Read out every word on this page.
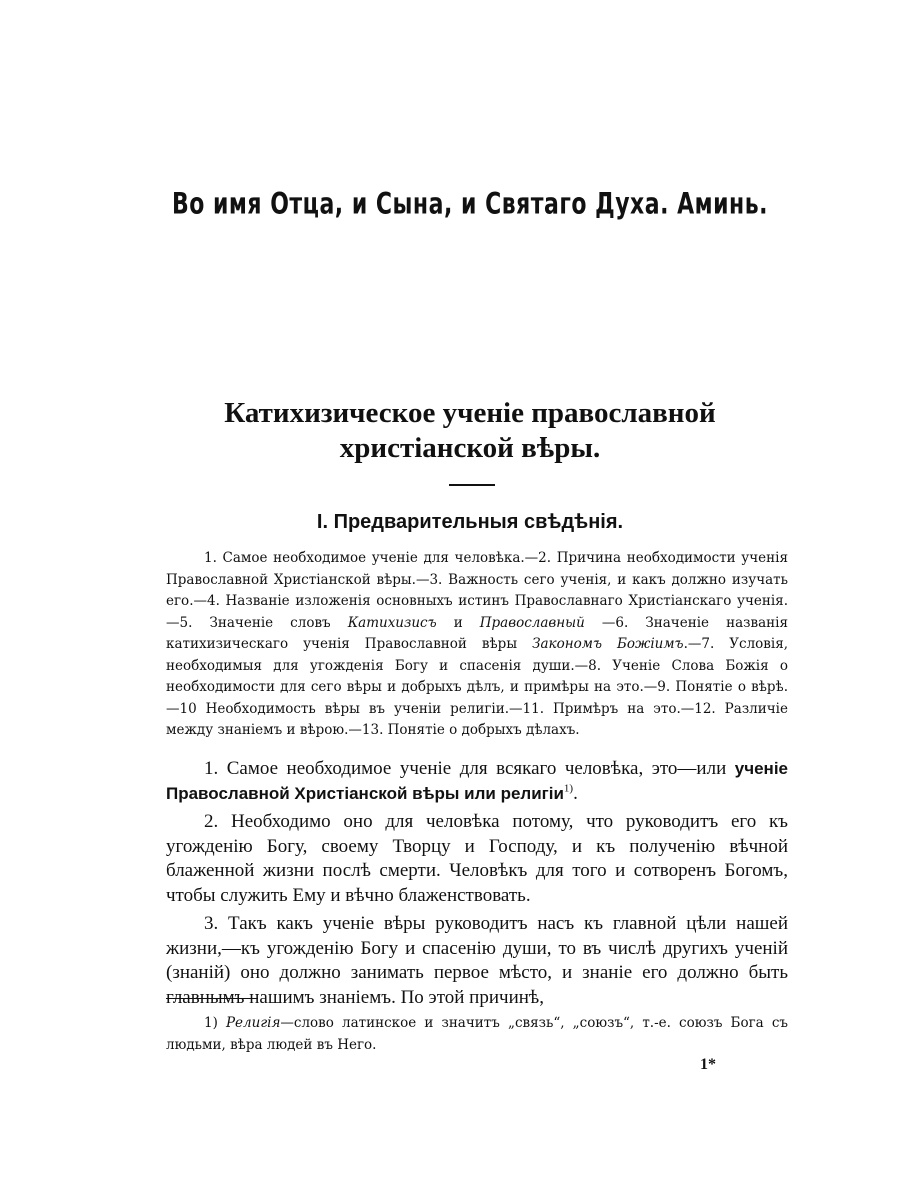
Во имя Отца, и Сына, и Святаго Духа. Аминь.
Катихизическое ученіе православной
христіанской вѣры.
I. Предварительныя свѣдѣнія.

1. Самое необходимое ученіе для человѣка.—2. Причина необходимости ученія Православной Христіанской вѣры.—3. Важность сего ученія, и какъ должно изучать его.—4. Названіе изложенія основныхъ истинъ Православнаго Христіанскаго ученія.—5. Значеніе словъ Катихизисъ и Православный —6. Значеніе названія катихизическаго ученія Православной вѣры Закономъ Божіимъ.—7. Условія, необходимыя для угожденія Богу и спасенія души.—8. Ученіе Слова Божія о необходимости для сего вѣры и добрыхъ дѣлъ, и примѣры на это.—9. Понятіе о вѣрѣ.—10 Необходимость вѣры въ ученіи религіи.—11. Примѣръ на это.—12. Различіе между знаніемъ и вѣрою.—13. Понятіе о добрыхъ дѣлахъ.

1. Самое необходимое ученіе для всякаго человѣка, это—или ученіе Православной Христіанской вѣры или религіи$^{1)}$.

2. Необходимо оно для человѣка потому, что руководитъ его къ угожденію Богу, своему Творцу и Господу, и къ полученію вѣчной блаженной жизни послѣ смерти. Человѣкъ для того и сотворенъ Богомъ, чтобы служить Ему и вѣчно блаженствовать.

3. Такъ какъ ученіе вѣры руководитъ насъ къ главной цѣли нашей жизни,—къ угожденію Богу и спасенію души, то въ числѣ другихъ ученій (знаній) оно должно занимать первое мѣсто, и знаніе его должно быть главнымъ нашимъ знаніемъ. По этой причинѣ,

1) Религія—слово латинское и значитъ „связь“, „союзъ“, т.-е. союзъ Бога съ людьми, вѣра людей въ Него.

1*
